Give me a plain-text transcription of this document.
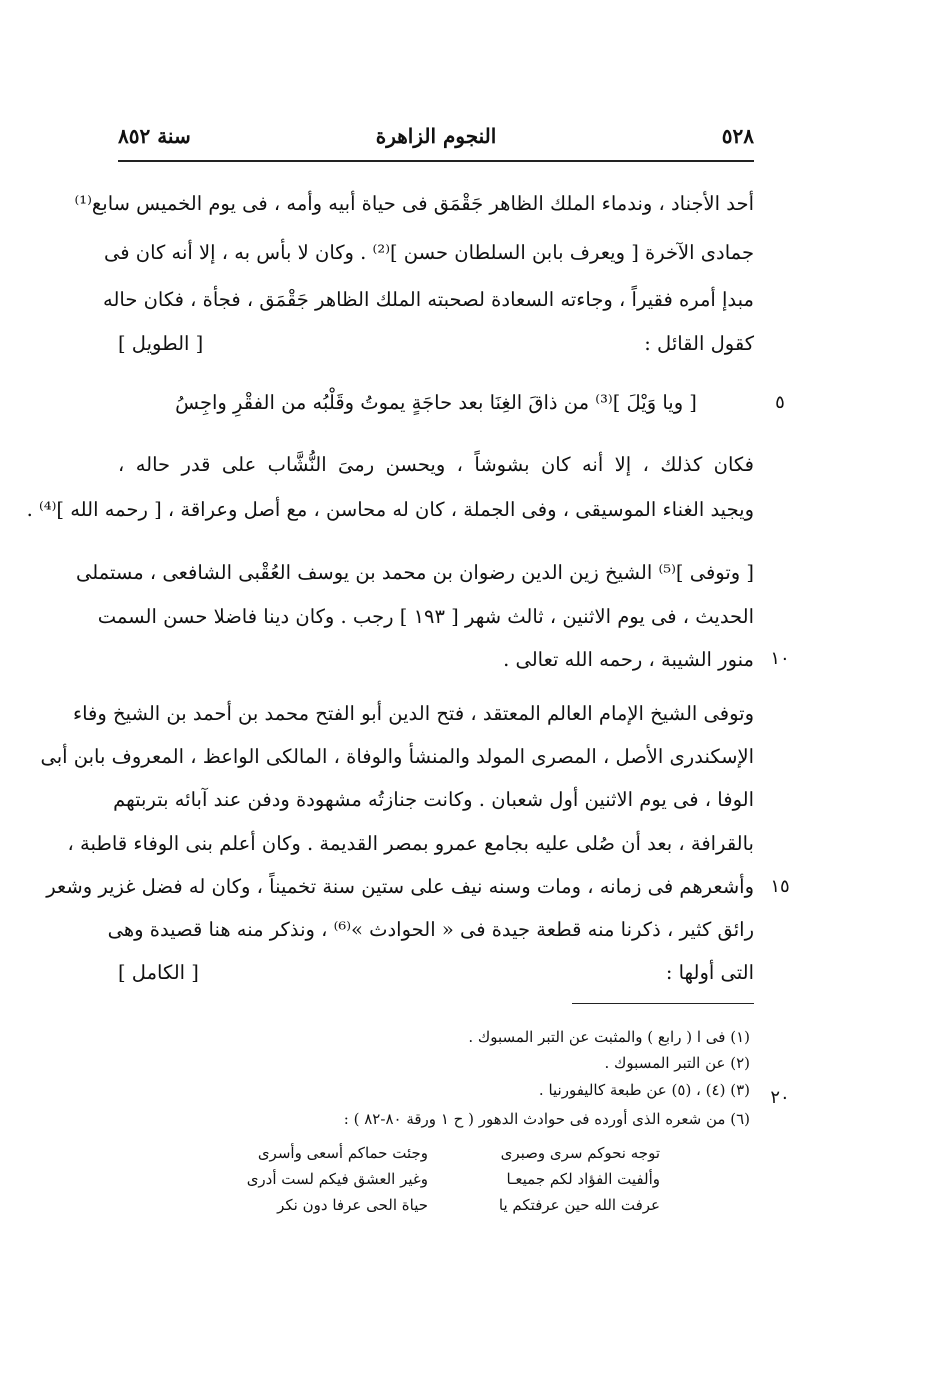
٥٢٨
النجوم الزاهرة
سنة ٨٥٢
أحد الأجناد ، وندماء الملك الظاهر جَقْمَق فى حياة أبيه وأمه ، فى يوم الخميس سابع⁽¹⁾
جمادى الآخرة [ ويعرف بابن السلطان حسن ]⁽²⁾ . وكان لا بأس به ، إلا أنه كان فى
مبدإ أمره فقيراً ، وجاءته السعادة لصحبته الملك الظاهر جَقْمَق ، فجأة ، فكان حاله
كقول القائل :
[ الطويل ]
[ ويا وَيْلَ ]⁽³⁾ من ذاقَ الغِنَا بعد حاجَةٍ يموتُ وقَلْبُه من الفقْرِ واجِسُ
فكان كذلك ، إلا أنه كان بشوشاً ، ويحسن رمىَ النُّشَّاب على قدر حاله ،
ويجيد الغناء الموسيقى ، وفى الجملة ، كان له محاسن ، مع أصل وعراقة ، [ رحمه الله ]⁽⁴⁾ .
[ وتوفى ]⁽⁵⁾ الشيخ زين الدين رضوان بن محمد بن يوسف العُقْبى الشافعى ، مستملى
الحديث ، فى يوم الاثنين ، ثالث شهر [ ١٩٣ ] رجب . وكان دينا فاضلا حسن السمت
منور الشيبة ، رحمه الله تعالى .
وتوفى الشيخ الإمام العالم المعتقد ، فتح الدين أبو الفتح محمد بن أحمد بن الشيخ وفاء
الإسكندرى الأصل ، المصرى المولد والمنشأ والوفاة ، المالكى الواعظ ، المعروف بابن أبى
الوفا ، فى يوم الاثنين أول شعبان . وكانت جنازتُه مشهودة ودفن عند آبائه بتربتهم
بالقرافة ، بعد أن صُلى عليه بجامع عمرو بمصر القديمة . وكان أعلم بنى الوفاء قاطبة ،
وأشعرهم فى زمانه ، ومات وسنه نيف على ستين سنة تخميناً ، وكان له فضل غزير وشعر
رائق كثير ، ذكرنا منه قطعة جيدة فى « الحوادث »⁽⁶⁾ ، ونذكر منه هنا قصيدة وهى
التى أولها :
[ الكامل ]
٥
١٠
١٥
٢٠
(١) فى ا ( رابع ) والمثبت عن التبر المسبوك .
(٢) عن التبر المسبوك .
(٣) (٤) ، (٥) عن طبعة كاليفورنيا .
(٦) من شعره الذى أورده فى حوادث الدهور ( ح ١ ورقة ٨٠-٨٢ ) :
توجه نحوكم سرى وصبرى
وألفيت الفؤاد لكم جميعـا
عرفت الله حين عرفتكم يا
وجئت حماكم أسعى وأسرى
وغير العشق فيكم لست أدرى
حياة الحى عرفا دون نكر
